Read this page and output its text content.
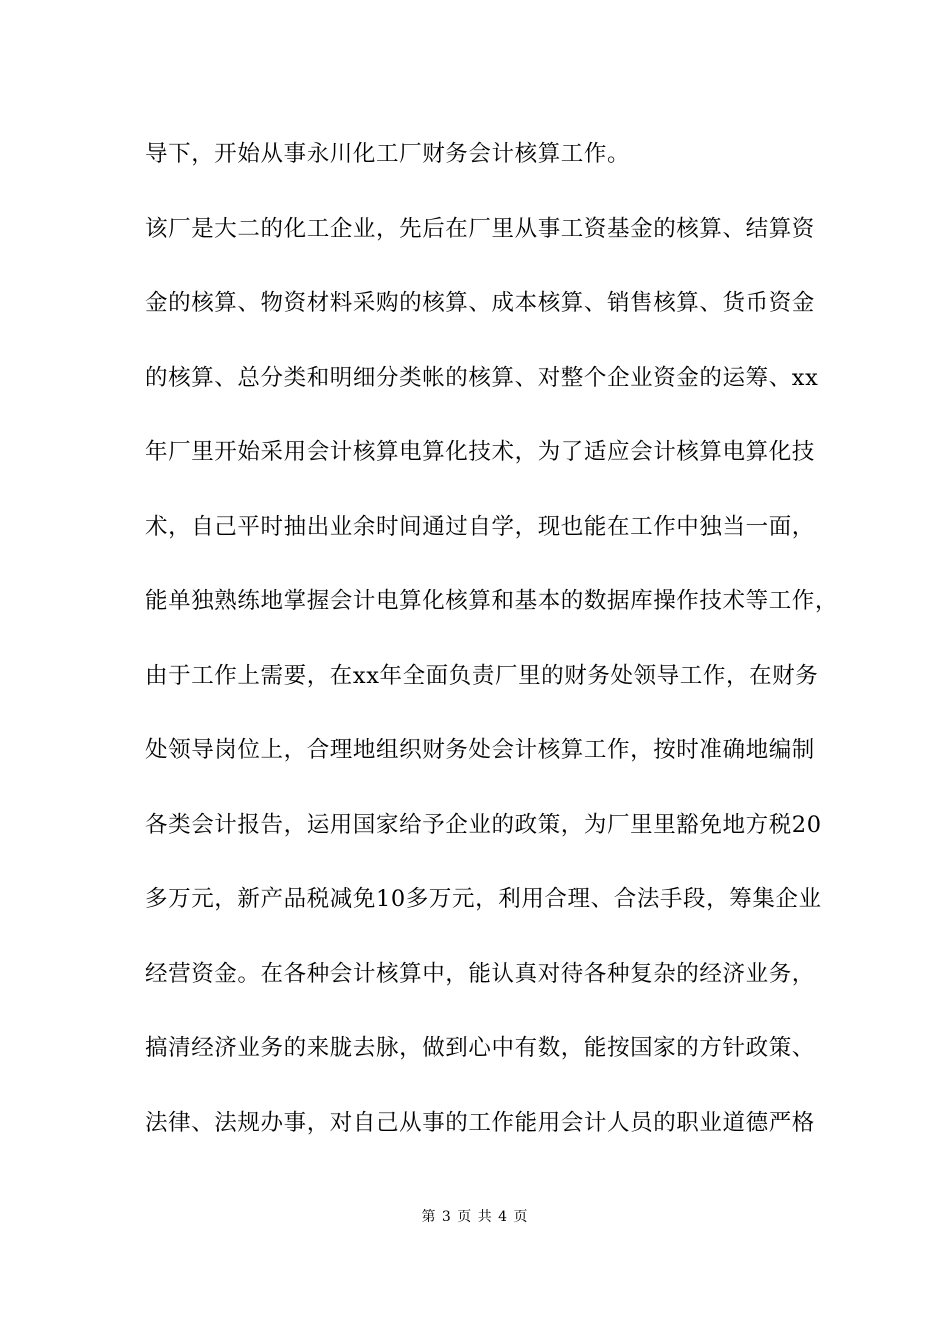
导下，开始从事永川化工厂财务会计核算工作。
该厂是大二的化工企业，先后在厂里从事工资基金的核算、结算资
金的核算、物资材料采购的核算、成本核算、销售核算、货币资金
的核算、总分类和明细分类帐的核算、对整个企业资金的运筹、xx
年厂里开始采用会计核算电算化技术，为了适应会计核算电算化技
术，自己平时抽出业余时间通过自学，现也能在工作中独当一面，
能单独熟练地掌握会计电算化核算和基本的数据库操作技术等工作，
由于工作上需要，在xx年全面负责厂里的财务处领导工作，在财务
处领导岗位上，合理地组织财务处会计核算工作，按时准确地编制
各类会计报告，运用国家给予企业的政策，为厂里里豁免地方税20
多万元，新产品税减免10多万元，利用合理、合法手段，筹集企业
经营资金。在各种会计核算中，能认真对待各种复杂的经济业务，
搞清经济业务的来胧去脉，做到心中有数，能按国家的方针政策、
法律、法规办事，对自己从事的工作能用会计人员的职业道德严格
第 3 页 共 4 页
